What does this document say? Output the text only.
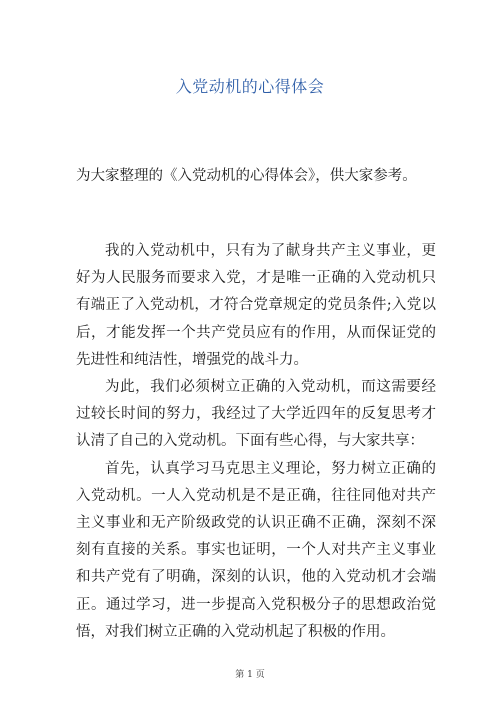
入党动机的心得体会
为大家整理的《入党动机的心得体会》，供大家参考。

我的入党动机中，只有为了献身共产主义事业，更好为人民服务而要求入党，才是唯一正确的入党动机只有端正了入党动机，才符合党章规定的党员条件;入党以后，才能发挥一个共产党员应有的作用，从而保证党的先进性和纯洁性，增强党的战斗力。

为此，我们必须树立正确的入党动机，而这需要经过较长时间的努力，我经过了大学近四年的反复思考才认清了自己的入党动机。下面有些心得，与大家共享：

首先，认真学习马克思主义理论，努力树立正确的入党动机。一人入党动机是不是正确，往往同他对共产主义事业和无产阶级政党的认识正确不正确，深刻不深刻有直接的关系。事实也证明，一个人对共产主义事业和共产党有了明确，深刻的认识，他的入党动机才会端正。通过学习，进一步提高入党积极分子的思想政治觉悟，对我们树立正确的入党动机起了积极的作用。

第 1 页
